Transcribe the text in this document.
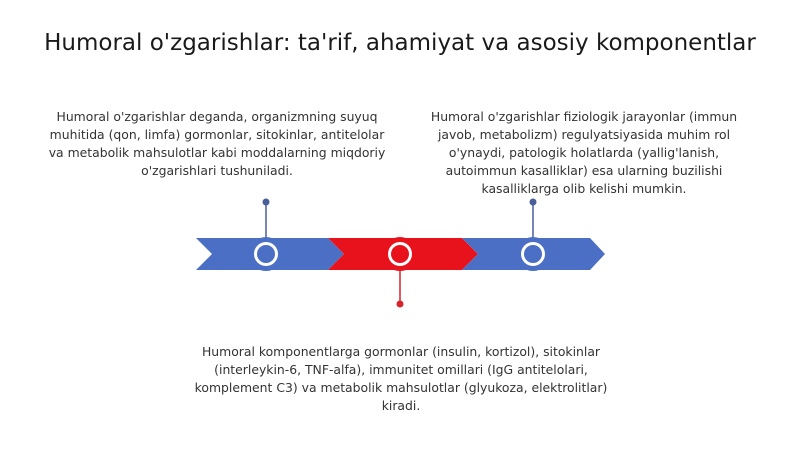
Humoral o'zgarishlar: ta'rif, ahamiyat va asosiy komponentlar
Humoral o'zgarishlar deganda, organizmning suyuq muhitida (qon, limfa) gormonlar, sitokinlar, antitelolar va metabolik mahsulotlar kabi moddalarning miqdoriy o'zgarishlari tushuniladi.
Humoral o'zgarishlar fiziologik jarayonlar (immun javob, metabolizm) regulyatsiyasida muhim rol o'ynaydi, patologik holatlarda (yallig'lanish, autoimmun kasalliklar) esa ularning buzilishi kasalliklarga olib kelishi mumkin.
Humoral komponentlarga gormonlar (insulin, kortizol), sitokinlar (interleykin-6, TNF-alfa), immunitet omillari (IgG antitelolari, komplement C3) va metabolik mahsulotlar (glyukoza, elektrolitlar) kiradi.
